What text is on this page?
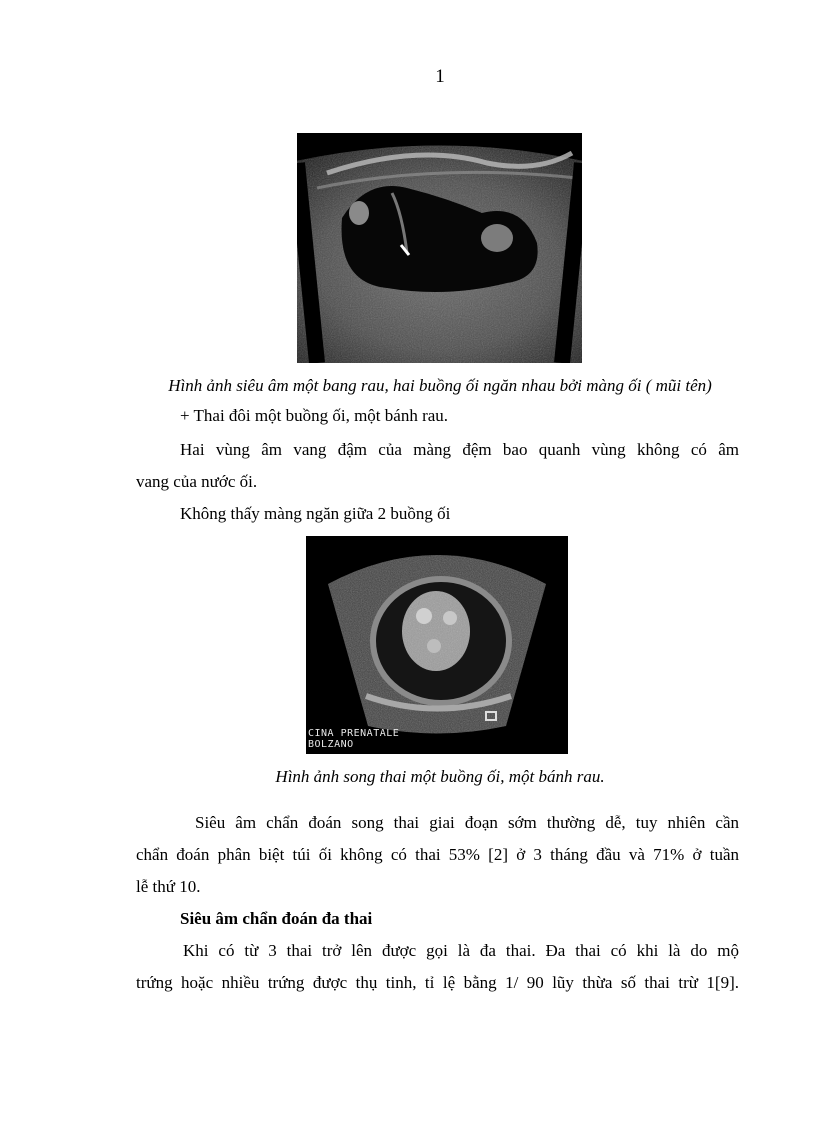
1
Hình ảnh siêu âm một bang rau, hai buồng ối ngăn nhau bởi màng ối ( mũi tên)
+ Thai đôi một buồng ối, một bánh rau.
Hai vùng âm vang đậm của màng đệm bao quanh vùng không có âm
vang của nước ối.
Không thấy màng ngăn giữa 2 buồng ối
CINA PRENATALE
BOLZANO
Hình ảnh song thai một buồng ối, một bánh rau.
Siêu âm chẩn đoán song thai giai đoạn sớm thường dễ, tuy nhiên cần
chẩn đoán phân biệt túi ối không có thai 53% [2] ở 3 tháng đầu và 71% ở tuần
lễ thứ 10.
Siêu âm chẩn đoán đa thai
Khi có từ 3 thai trở lên được gọi là đa thai. Đa thai có khi là do mộ
trứng hoặc nhiều trứng được thụ tinh, tỉ lệ bằng 1/ 90 lũy thừa số thai trừ 1[9].
